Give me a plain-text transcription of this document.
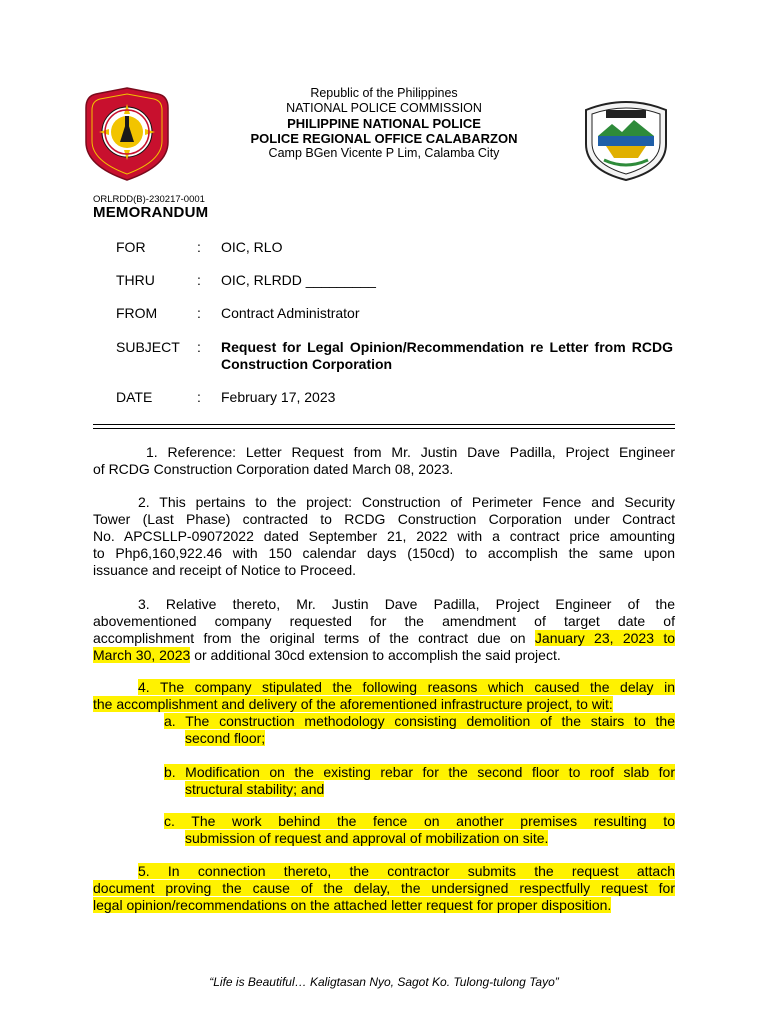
Republic of the Philippines
NATIONAL POLICE COMMISSION
PHILIPPINE NATIONAL POLICE
POLICE REGIONAL OFFICE CALABARZON
Camp BGen Vicente P Lim, Calamba City
ORLRDD(B)-230217-0001
MEMORANDUM
FOR	: OIC, RLO
THRU	: OIC, RLRDD _________
FROM	: Contract Administrator
SUBJECT : Request for Legal Opinion/Recommendation re Letter from RCDG Construction Corporation
DATE	: February 17, 2023
1. Reference: Letter Request from Mr. Justin Dave Padilla, Project Engineer
of RCDG Construction Corporation dated March 08, 2023.
2. This pertains to the project: Construction of Perimeter Fence and Security
Tower (Last Phase) contracted to RCDG Construction Corporation under Contract
No. APCSLLP-09072022 dated September 21, 2022 with a contract price amounting
to Php6,160,922.46 with 150 calendar days (150cd) to accomplish the same upon
issuance and receipt of Notice to Proceed.
3. Relative thereto, Mr. Justin Dave Padilla, Project Engineer of the
abovementioned company requested for the amendment of target date of
accomplishment from the original terms of the contract due on January 23, 2023 to
March 30, 2023 or additional 30cd extension to accomplish the said project.
4. The company stipulated the following reasons which caused the delay in
the accomplishment and delivery of the aforementioned infrastructure project, to wit:
a. The construction methodology consisting demolition of the stairs to the
second floor;
b. Modification on the existing rebar for the second floor to roof slab for
structural stability; and
c. The work behind the fence on another premises resulting to
submission of request and approval of mobilization on site.
5. In connection thereto, the contractor submits the request attach
document proving the cause of the delay, the undersigned respectfully request for
legal opinion/recommendations on the attached letter request for proper disposition.
“Life is Beautiful… Kaligtasan Nyo, Sagot Ko. Tulong-tulong Tayo”
